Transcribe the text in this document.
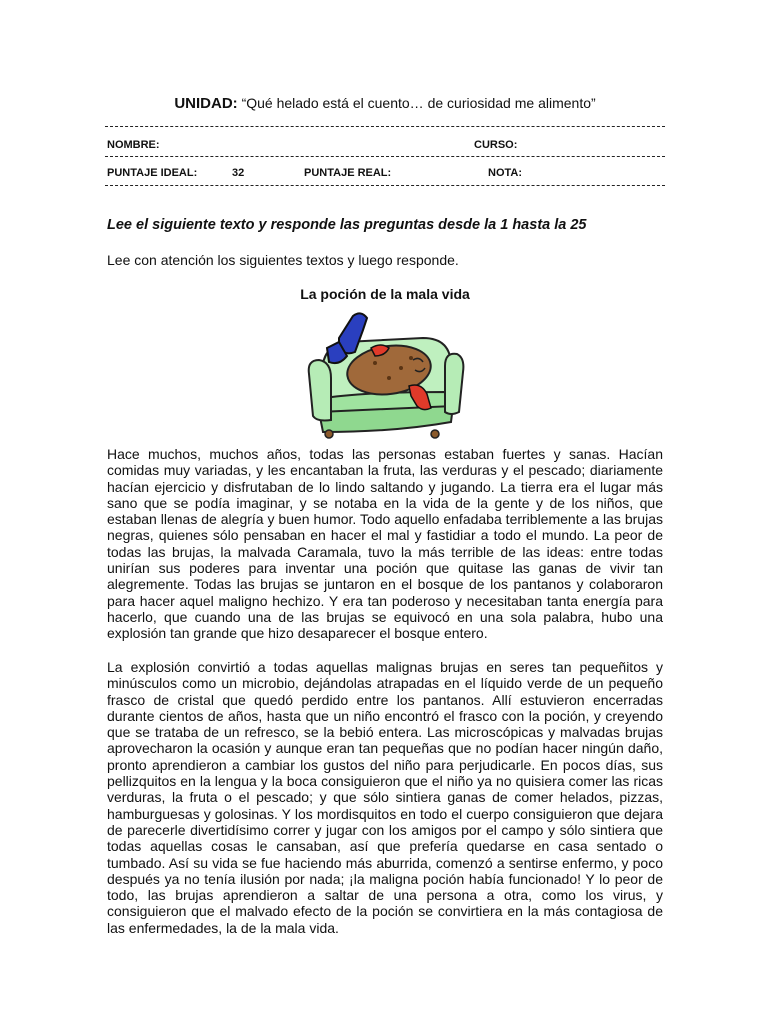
UNIDAD: “Qué helado está el cuento… de curiosidad me alimento”
NOMBRE:	CURSO:
PUNTAJE IDEAL:	32	PUNTAJE REAL:	NOTA:
Lee el siguiente texto y responde las preguntas desde la 1 hasta la 25
Lee con atención los siguientes textos y luego responde.
La poción de la mala vida

Hace muchos, muchos años, todas las personas estaban fuertes y sanas. Hacían comidas muy variadas, y les encantaban la fruta, las verduras y el pescado; diariamente hacían ejercicio y disfrutaban de lo lindo saltando y jugando. La tierra era el lugar más sano que se podía imaginar, y se notaba en la vida de la gente y de los niños, que estaban llenas de alegría y buen humor. Todo aquello enfadaba terriblemente a las brujas negras, quienes sólo pensaban en hacer el mal y fastidiar a todo el mundo. La peor de todas las brujas, la malvada Caramala, tuvo la más terrible de las ideas: entre todas unirían sus poderes para inventar una poción que quitase las ganas de vivir tan alegremente. Todas las brujas se juntaron en el bosque de los pantanos y colaboraron para hacer aquel maligno hechizo. Y era tan poderoso y necesitaban tanta energía para hacerlo, que cuando una de las brujas se equivocó en una sola palabra, hubo una explosión tan grande que hizo desaparecer el bosque entero.

La explosión convirtió a todas aquellas malignas brujas en seres tan pequeñitos y minúsculos como un microbio, dejándolas atrapadas en el líquido verde de un pequeño frasco de cristal que quedó perdido entre los pantanos. Allí estuvieron encerradas durante cientos de años, hasta que un niño encontró el frasco con la poción, y creyendo que se trataba de un refresco, se la bebió entera. Las microscópicas y malvadas brujas aprovecharon la ocasión y aunque eran tan pequeñas que no podían hacer ningún daño, pronto aprendieron a cambiar los gustos del niño para perjudicarle. En pocos días, sus pellizquitos en la lengua y la boca consiguieron que el niño ya no quisiera comer las ricas verduras, la fruta o el pescado; y que sólo sintiera ganas de comer helados, pizzas, hamburguesas y golosinas. Y los mordisquitos en todo el cuerpo consiguieron que dejara de parecerle divertidísimo correr y jugar con los amigos por el campo y sólo sintiera que todas aquellas cosas le cansaban, así que prefería quedarse en casa sentado o tumbado. Así su vida se fue haciendo más aburrida, comenzó a sentirse enfermo, y poco después ya no tenía ilusión por nada; ¡la maligna poción había funcionado! Y lo peor de todo, las brujas aprendieron a saltar de una persona a otra, como los virus, y consiguieron que el malvado efecto de la poción se convirtiera en la más contagiosa de las enfermedades, la de la mala vida.
